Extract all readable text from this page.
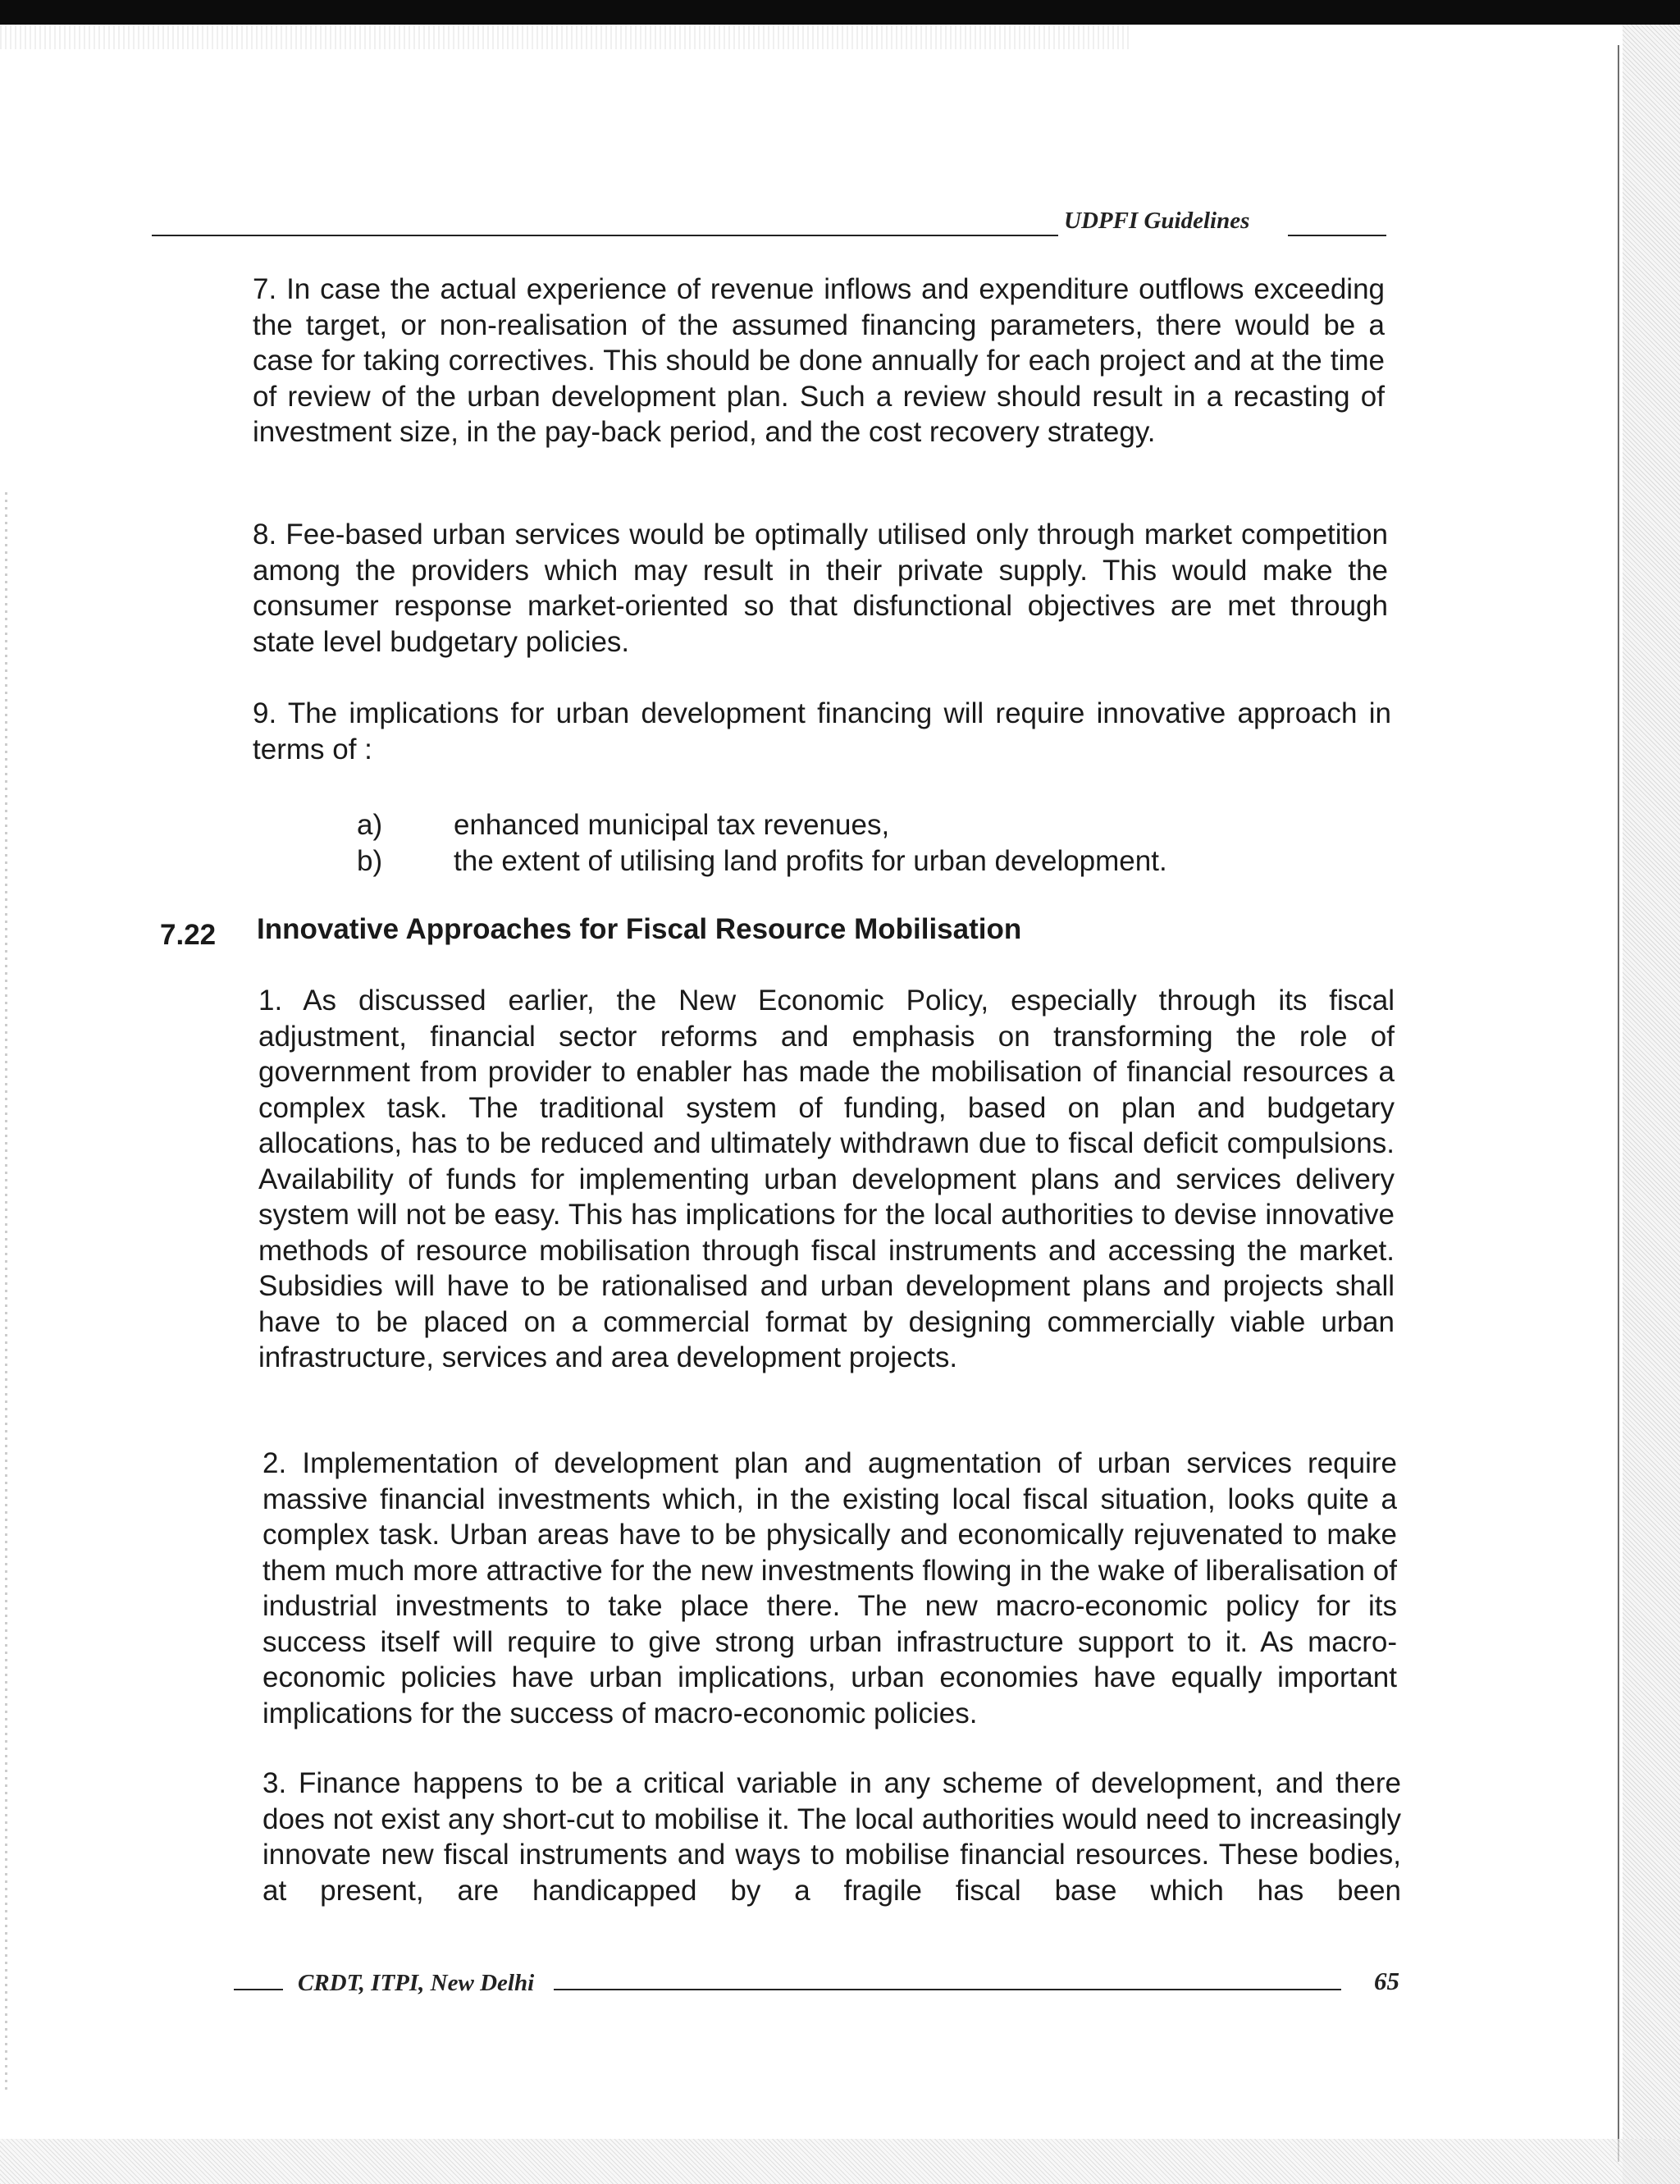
UDPFI Guidelines

7. In case the actual experience of revenue inflows and expenditure outflows exceeding the target, or non-realisation of the assumed financing parameters, there would be a case for taking correctives. This should be done annually for each project and at the time of review of the urban development plan. Such a review should result in a recasting of investment size, in the pay-back period, and the cost recovery strategy.

8. Fee-based urban services would be optimally utilised only through market competition among the providers which may result in their private supply. This would make the consumer response market-oriented so that disfunctional objectives are met through state level budgetary policies.

9. The implications for urban development financing will require innovative approach in terms of :

a) enhanced municipal tax revenues,
b) the extent of utilising land profits for urban development.
7.22 Innovative Approaches for Fiscal Resource Mobilisation

1. As discussed earlier, the New Economic Policy, especially through its fiscal adjustment, financial sector reforms and emphasis on transforming the role of government from provider to enabler has made the mobilisation of financial resources a complex task. The traditional system of funding, based on plan and budgetary allocations, has to be reduced and ultimately withdrawn due to fiscal deficit compulsions. Availability of funds for implementing urban development plans and services delivery system will not be easy. This has implications for the local authorities to devise innovative methods of resource mobilisation through fiscal instruments and accessing the market. Subsidies will have to be rationalised and urban development plans and projects shall have to be placed on a commercial format by designing commercially viable urban infrastructure, services and area development projects.

2. Implementation of development plan and augmentation of urban services require massive financial investments which, in the existing local fiscal situation, looks quite a complex task. Urban areas have to be physically and economically rejuvenated to make them much more attractive for the new investments flowing in the wake of liberalisation of industrial investments to take place there. The new macro-economic policy for its success itself will require to give strong urban infrastructure support to it. As macro-economic policies have urban implications, urban economies have equally important implications for the success of macro-economic policies.

3. Finance happens to be a critical variable in any scheme of development, and there does not exist any short-cut to mobilise it. The local authorities would need to increasingly innovate new fiscal instruments and ways to mobilise financial resources. These bodies, at present, are handicapped by a fragile fiscal base which has been

CRDT, ITPI, New Delhi	65
